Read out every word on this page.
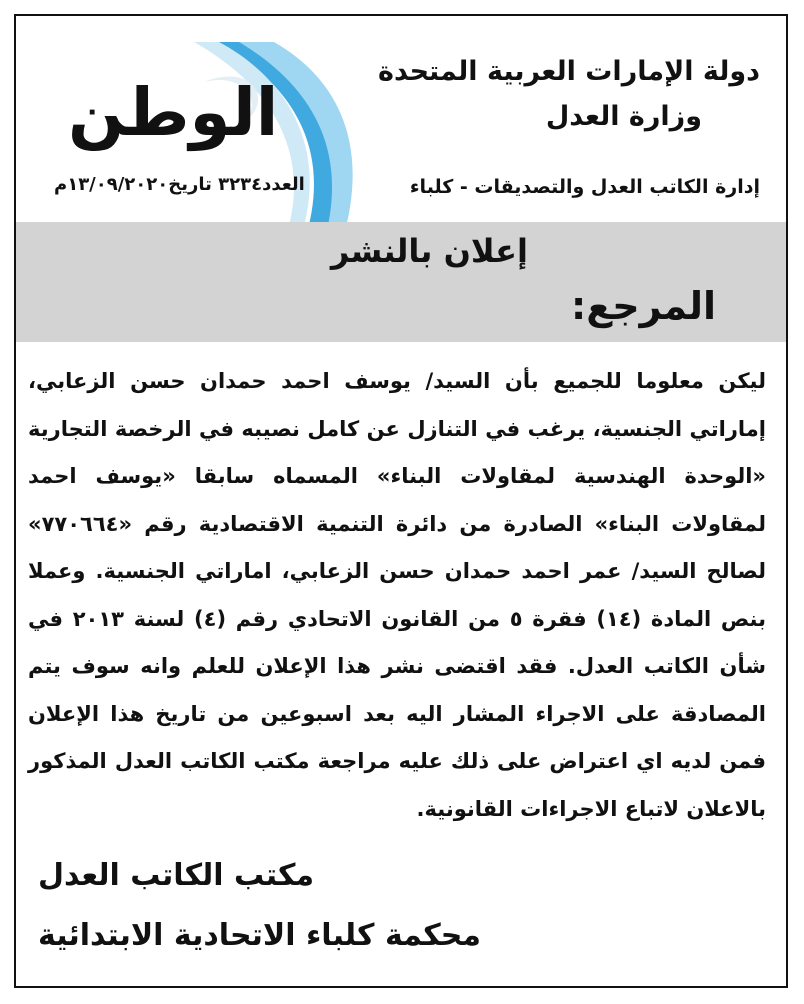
الوطن
العدد٣٢٣٤ تاريخ١٣/٠٩/٢٠٢٠م
دولة الإمارات العربية المتحدة
وزارة العدل
إدارة الكاتب العدل والتصديقات - كلباء
إعلان بالنشر
المرجع:
ليكن معلوما للجميع بأن السيد/ يوسف احمد حمدان حسن الزعابي، إماراتي الجنسية، يرغب في التنازل عن كامل نصيبه في الرخصة التجارية «الوحدة الهندسية لمقاولات البناء» المسماه سابقا «يوسف احمد لمقاولات البناء» الصادرة من دائرة التنمية الاقتصادية رقم «٧٧٠٦٦٤» لصالح السيد/ عمر احمد حمدان حسن الزعابي، اماراتي الجنسية. وعملا بنص المادة (١٤) فقرة ٥ من القانون الاتحادي رقم (٤) لسنة ٢٠١٣ في شأن الكاتب العدل. فقد اقتضى نشر هذا الإعلان للعلم وانه سوف يتم المصادقة على الاجراء المشار اليه بعد اسبوعين من تاريخ هذا الإعلان فمن لديه اي اعتراض على ذلك عليه مراجعة مكتب الكاتب العدل المذكور بالاعلان لاتباع الاجراءات القانونية.
مكتب الكاتب العدل
محكمة كلباء الاتحادية الابتدائية
